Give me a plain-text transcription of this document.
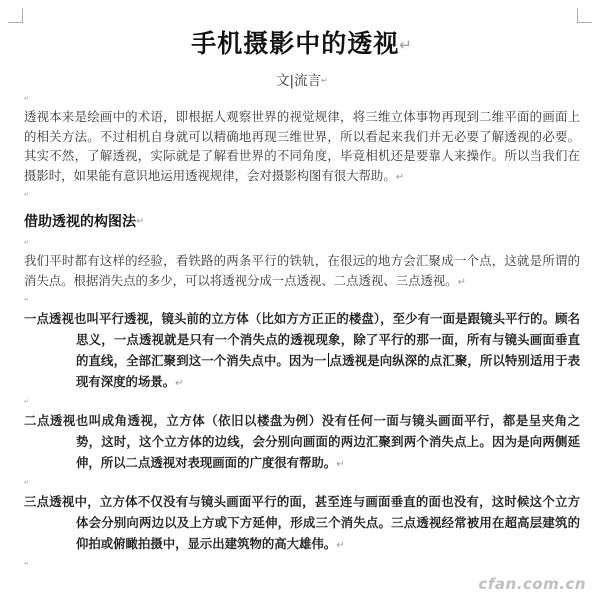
手机摄影中的透视↵
文|流言↵
↵
透视本来是绘画中的术语，即根据人观察世界的视觉规律，将三维立体事物再现到二维平面的画面上的相关方法。不过相机自身就可以精确地再现三维世界，所以看起来我们并无必要了解透视的必要。其实不然，了解透视，实际就是了解看世界的不同角度，毕竟相机还是要靠人来操作。所以当我们在摄影时，如果能有意识地运用透视规律，会对摄影构图有很大帮助。↵
↵
借助透视的构图法↵
↵
我们平时都有这样的经验，看铁路的两条平行的铁轨，在很远的地方会汇聚成一个点，这就是所谓的消失点。根据消失点的多少，可以将透视分成一点透视、二点透视、三点透视。↵
↵
一点透视也叫平行透视，镜头前的立方体（比如方方正正的楼盘），至少有一面是跟镜头平行的。顾名思义，一点透视就是只有一个消失点的透视现象，除了平行的那一面，所有与镜头画面垂直的直线，全部汇聚到这一个消失点中。因为一 点透视是向纵深的点汇聚，所以特别适用于表现有深度的场景。↵
↵
二点透视也叫成角透视，立方体（依旧以楼盘为例）没有任何一面与镜头画面平行，都是呈夹角之势，这时，这个立方体的边线，会分别向画面的两边汇聚到两个消失点上。因为是向两侧延伸，所以二点透视对表现画面的广度很有帮助。↵
↵
三点透视中，立方体不仅没有与镜头画面平行的面，甚至连与画面垂直的面也没有，这时候这个立方体会分别向两边以及上方或下方延伸，形成三个消失点。三点透视经常被用在超高层建筑的仰拍或俯瞰拍摄中，显示出建筑物的高大雄伟。↵
↵
cfan.com.cn
